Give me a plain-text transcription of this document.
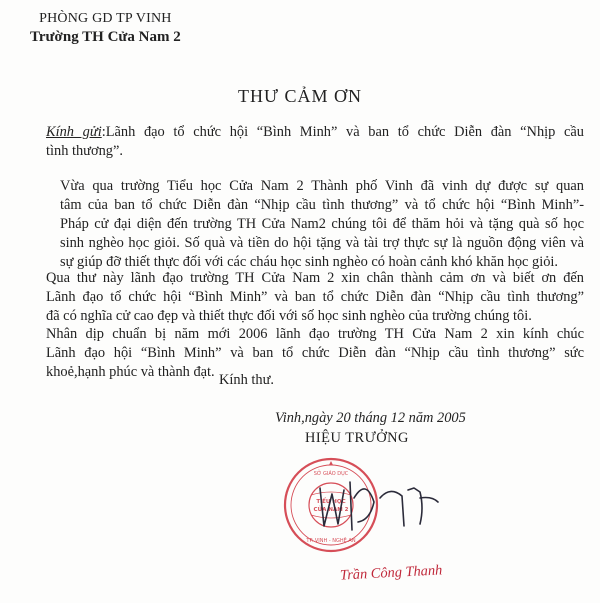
PHÒNG GD TP VINH
Trường TH Cửa Nam 2
THƯ CẢM ƠN
Kính gửi:Lãnh đạo tổ chức hội “Bình Minh” và ban tổ chức Diễn đàn “Nhịp cầu
tình thương”.
Vừa qua trường Tiểu học Cửa Nam 2 Thành phố Vinh đã vinh dự được sự quan
tâm của ban tổ chức Diễn đàn “Nhịp cầu tình thương” và tổ chức hội “Bình Minh”-
Pháp cử đại diện đến trường TH Cửa Nam2 chúng tôi để thăm hỏi và tặng quà số học
sinh nghèo học giỏi. Số quà và tiền do hội tặng và tài trợ thực sự là nguồn động viên và
sự giúp đỡ thiết thực đối với các cháu học sinh nghèo có hoàn cảnh khó khăn học giỏi.
Qua thư này lãnh đạo trường TH Cửa Nam 2 xin chân thành cảm ơn và biết ơn đến
Lãnh đạo tổ chức hội “Bình Minh” và ban tổ chức Diễn đàn “Nhịp cầu tình thương”
đã có nghĩa cử cao đẹp và thiết thực đối với số học sinh nghèo của trường chúng tôi.
Nhân dịp chuẩn bị năm mới 2006 lãnh đạo trường TH Cửa Nam 2 xin kính chúc
Lãnh đạo hội “Bình Minh” và ban tổ chức Diễn đàn “Nhịp cầu tình thương” sức
khoẻ,hạnh phúc và thành đạt. Kính thư.
Vinh,ngày 20 tháng 12 năm 2005
HIỆU TRƯỞNG
SỞ GIÁO DỤC
TP. VINH - NGHỆ AN
TIỂU HỌC
CỬA NAM 2
Trần Công Thanh
